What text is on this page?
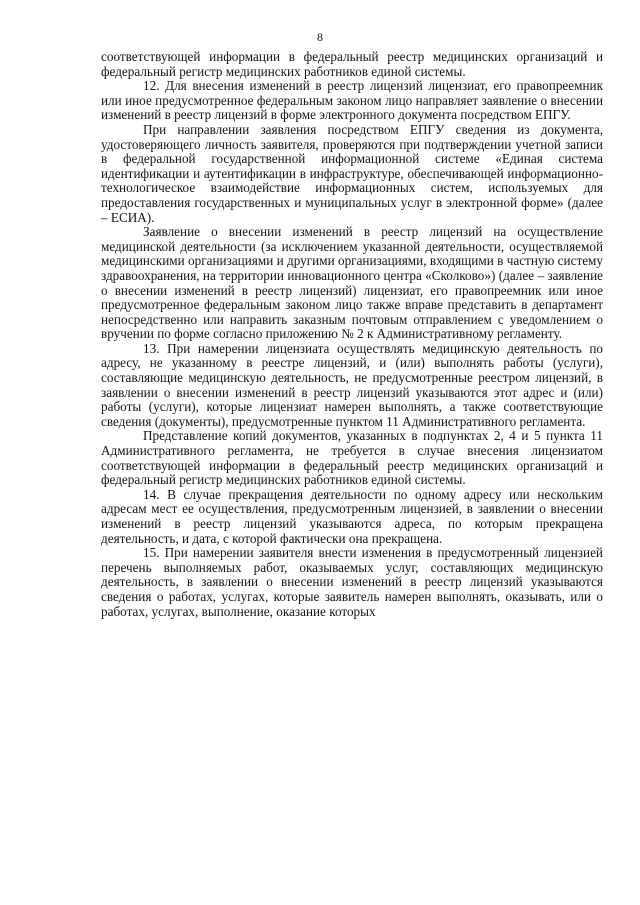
8

соответствующей информации в федеральный реестр медицинских организаций и федеральный регистр медицинских работников единой системы.

12. Для внесения изменений в реестр лицензий лицензиат, его правопреемник или иное предусмотренное федеральным законом лицо направляет заявление о внесении изменений в реестр лицензий в форме электронного документа посредством ЕПГУ.

При направлении заявления посредством ЕПГУ сведения из документа, удостоверяющего личность заявителя, проверяются при подтверждении учетной записи в федеральной государственной информационной системе «Единая система идентификации и аутентификации в инфраструктуре, обеспечивающей информационно-технологическое взаимодействие информационных систем, используемых для предоставления государственных и муниципальных услуг в электронной форме» (далее – ЕСИА).

Заявление о внесении изменений в реестр лицензий на осуществление медицинской деятельности (за исключением указанной деятельности, осуществляемой медицинскими организациями и другими организациями, входящими в частную систему здравоохранения, на территории инновационного центра «Сколково») (далее – заявление о внесении изменений в реестр лицензий) лицензиат, его правопреемник или иное предусмотренное федеральным законом лицо также вправе представить в департамент непосредственно или направить заказным почтовым отправлением с уведомлением о вручении по форме согласно приложению № 2 к Административному регламенту.

13. При намерении лицензиата осуществлять медицинскую деятельность по адресу, не указанному в реестре лицензий, и (или) выполнять работы (услуги), составляющие медицинскую деятельность, не предусмотренные реестром лицензий, в заявлении о внесении изменений в реестр лицензий указываются этот адрес и (или) работы (услуги), которые лицензиат намерен выполнять, а также соответствующие сведения (документы), предусмотренные пунктом 11 Административного регламента.

Представление копий документов, указанных в подпунктах 2, 4 и 5 пункта 11 Административного регламента, не требуется в случае внесения лицензиатом соответствующей информации в федеральный реестр медицинских организаций и федеральный регистр медицинских работников единой системы.

14. В случае прекращения деятельности по одному адресу или нескольким адресам мест ее осуществления, предусмотренным лицензией, в заявлении о внесении изменений в реестр лицензий указываются адреса, по которым прекращена деятельность, и дата, с которой фактически она прекращена.

15. При намерении заявителя внести изменения в предусмотренный лицензией перечень выполняемых работ, оказываемых услуг, составляющих медицинскую деятельность, в заявлении о внесении изменений в реестр лицензий указываются сведения о работах, услугах, которые заявитель намерен выполнять, оказывать, или о работах, услугах, выполнение, оказание которых
